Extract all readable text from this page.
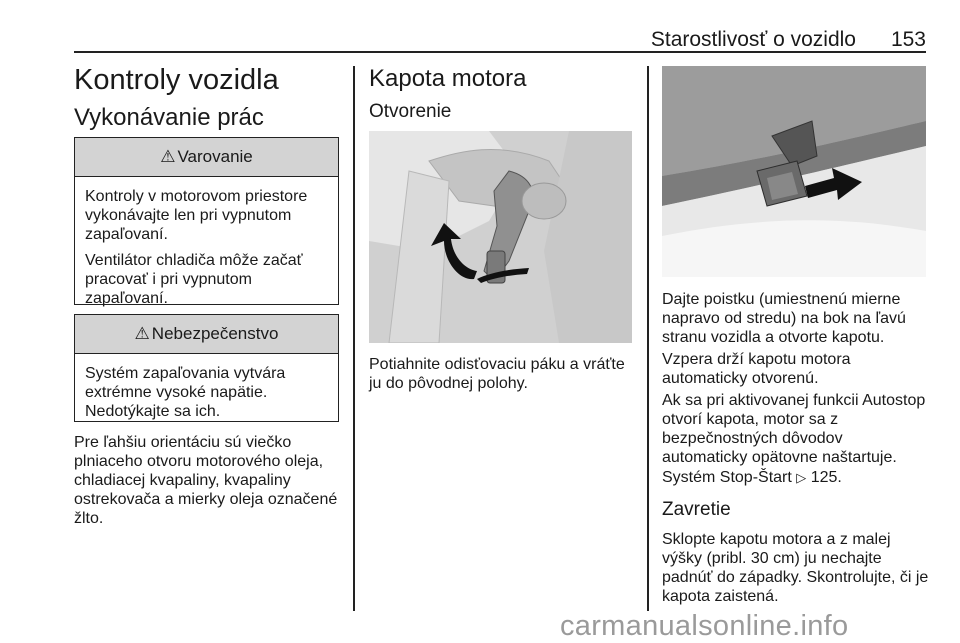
Starostlivosť o vozidlo	153
Kontroly vozidla
Vykonávanie prác
⚠ Varovanie

Kontroly v motorovom priestore vykonávajte len pri vypnutom zapaľovaní.

Ventilátor chladiča môže začať pracovať i pri vypnutom zapaľovaní.

⚠ Nebezpečenstvo

Systém zapaľovania vytvára extrémne vysoké napätie. Nedotýkajte sa ich.

Pre ľahšiu orientáciu sú viečko plniaceho otvoru motorového oleja, chladiacej kvapaliny, kvapaliny ostrekovača a mierky oleja označené žlto.

Kapota motora
Otvorenie

Potiahnite odisťovaciu páku a vráťte ju do pôvodnej polohy.

Dajte poistku (umiestnenú mierne napravo od stredu) na bok na ľavú stranu vozidla a otvorte kapotu.

Vzpera drží kapotu motora automaticky otvorenú.

Ak sa pri aktivovanej funkcii Autostop otvorí kapota, motor sa z bezpečnostných dôvodov automaticky opätovne naštartuje.

Systém Stop-Štart ▷ 125.

Zavretie

Sklopte kapotu motora a z malej výšky (pribl. 30 cm) ju nechajte padnúť do západky. Skontrolujte, či je kapota zaistená.

carmanualsonline.info
